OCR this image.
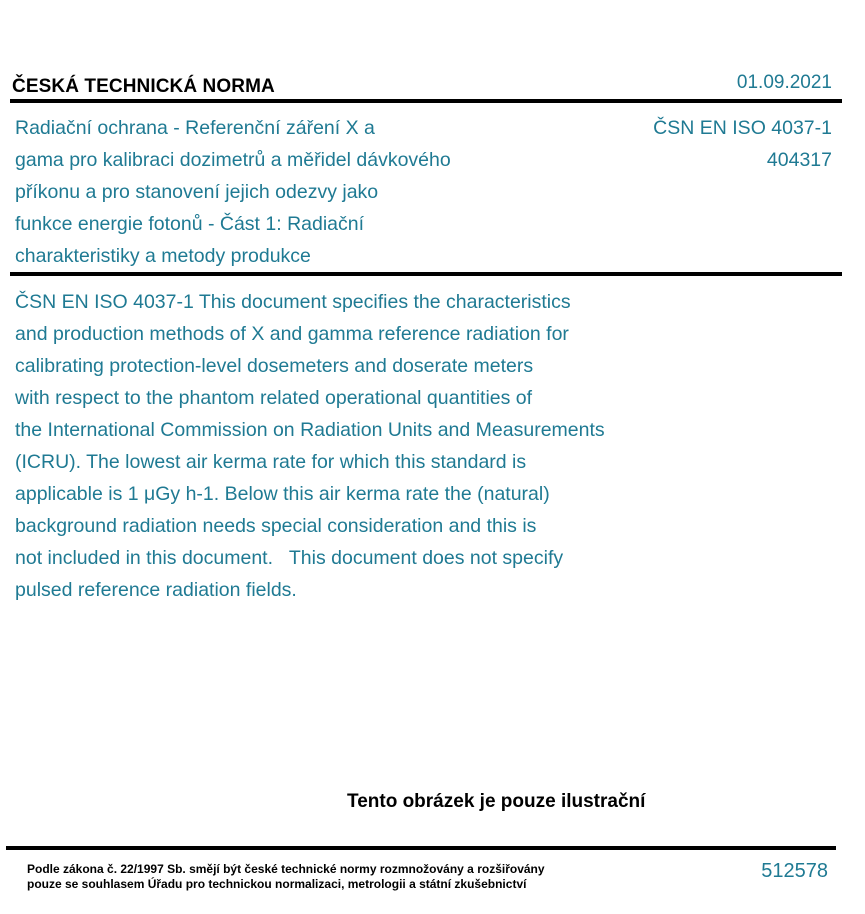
ČESKÁ TECHNICKÁ NORMA	01.09.2021
Radiační ochrana - Referenční záření X a
gama pro kalibraci dozimetrů a měřidel dávkového
příkonu a pro stanovení jejich odezvy jako
funkce energie fotonů - Část 1: Radiační
charakteristiky a metody produkce
ČSN EN ISO 4037-1
404317
ČSN EN ISO 4037-1 This document specifies the characteristics
and production methods of X and gamma reference radiation for
calibrating protection-level dosemeters and doserate meters
with respect to the phantom related operational quantities of
the International Commission on Radiation Units and Measurements
(ICRU). The lowest air kerma rate for which this standard is
applicable is 1 μGy h-1. Below this air kerma rate the (natural)
background radiation needs special consideration and this is
not included in this document.   This document does not specify
pulsed reference radiation fields.
Tento obrázek je pouze ilustrační
Podle zákona č. 22/1997 Sb. smějí být české technické normy rozmnožovány a rozšiřovány
pouze se souhlasem Úřadu pro technickou normalizaci, metrologii a státní zkušebnictví
512578
